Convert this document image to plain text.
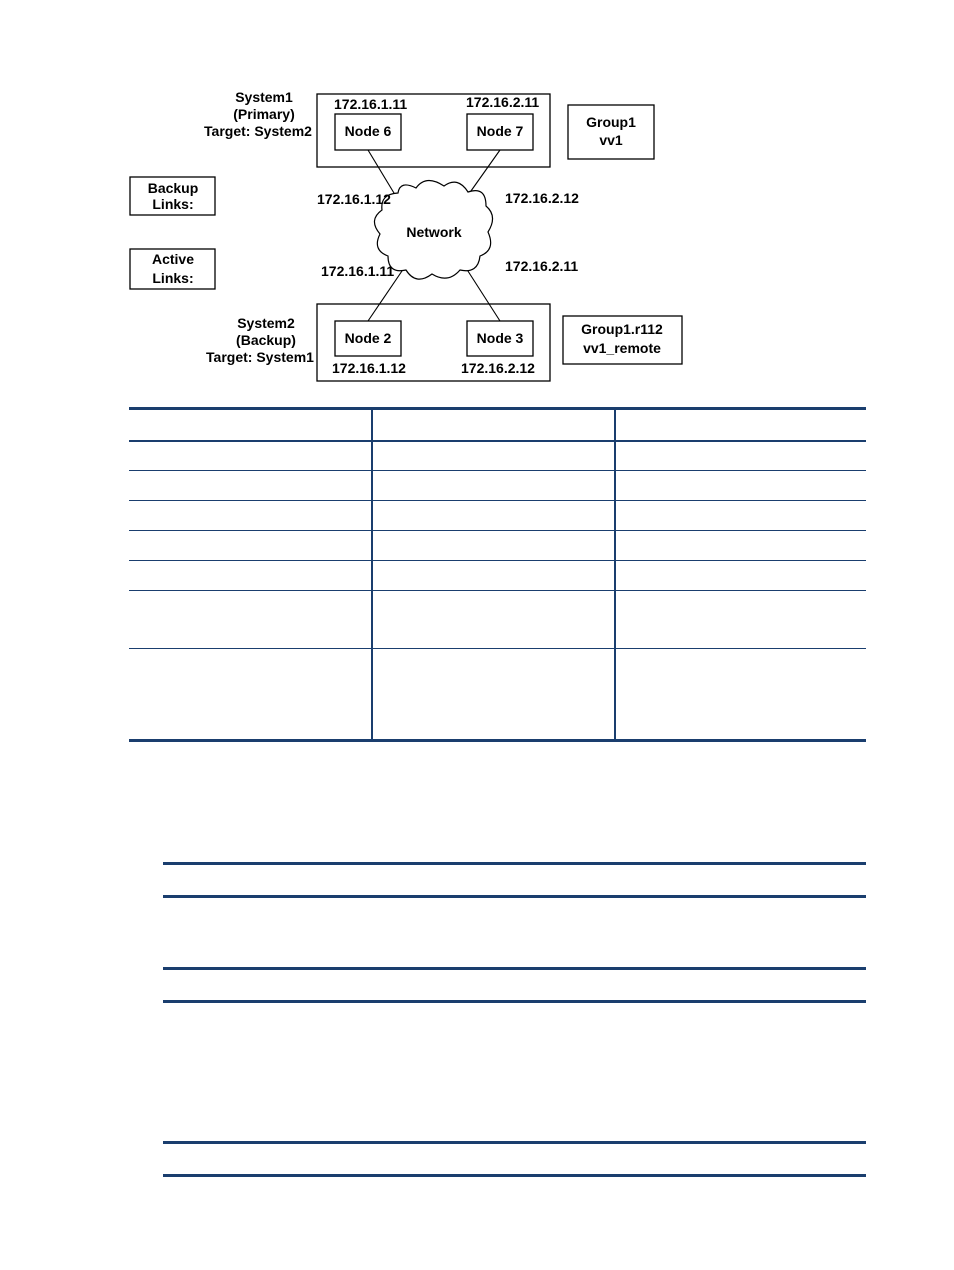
System1
(Primary)
Target: System2
172.16.1.11	172.16.2.11
Node 6	Node 7
Group1
vv1
Backup
Links:
Active
Links:
Network
172.16.1.12	172.16.2.12
172.16.1.11	172.16.2.11
System2
(Backup)
Target: System1
Node 2	Node 3
172.16.1.12	172.16.2.12
Group1.r112
vv1_remote
